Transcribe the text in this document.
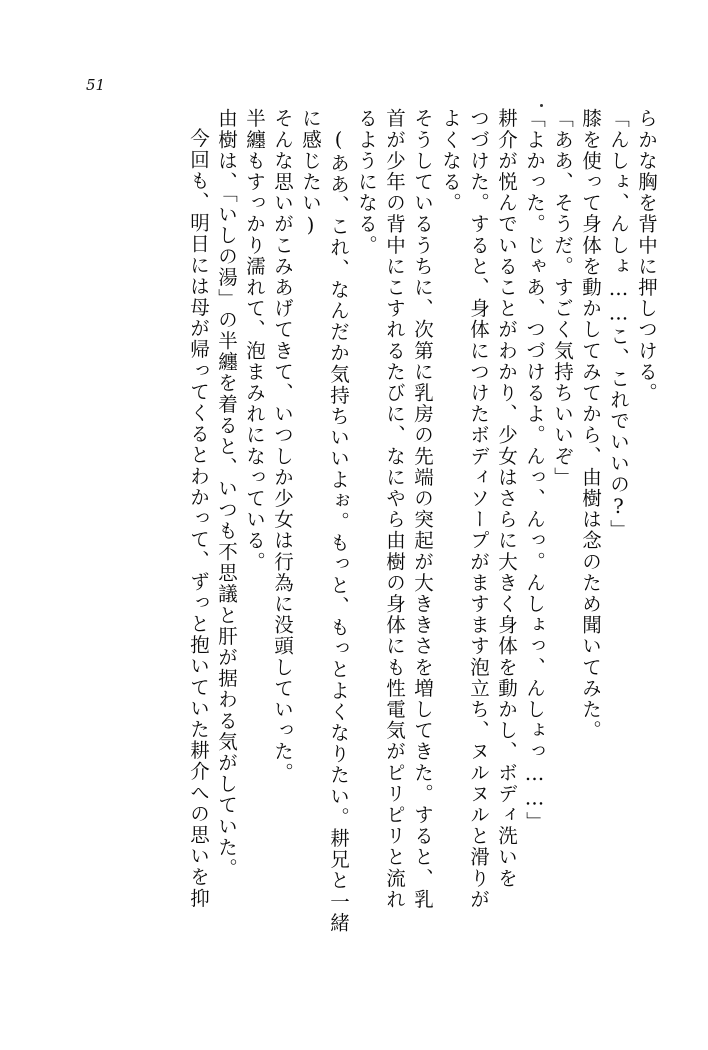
51
らかな胸を背中に押しつける。
「んしょ、んしょ……こ、これでいいの?」
膝を使って身体を動かしてみてから、由樹は念のため聞いてみた。
「ああ、そうだ。すごく気持ちいいぞ」
「よかった。じゃあ、つづけるよ。んっ、んっ。んしょっ、んしょっ……」
耕介が悦んでいることがわかり、少女はさらに大きく身体を動かし、ボディ洗いを
つづけた。すると、身体につけたボディソープがますます泡立ち、ヌルヌルと滑りが
よくなる。
そうしているうちに、次第に乳房の先端の突起が大ききさを増してきた。すると、乳
首が少年の背中にこすれるたびに、なにやら由樹の身体にも性電気がピリピリと流れ
るようになる。
(ああ、これ、なんだか気持ちいいよぉ。もっと、もっとよくなりたい。耕兄と一緒
に感じたい)
そんな思いがこみあげてきて、いつしか少女は行為に没頭していった。
半纏もすっかり濡れて、泡まみれになっている。
由樹は、「いしの湯」の半纏を着ると、いつも不思議と肝が据わる気がしていた。
今回も、明日には母が帰ってくるとわかって、ずっと抱いていた耕介への思いを抑
